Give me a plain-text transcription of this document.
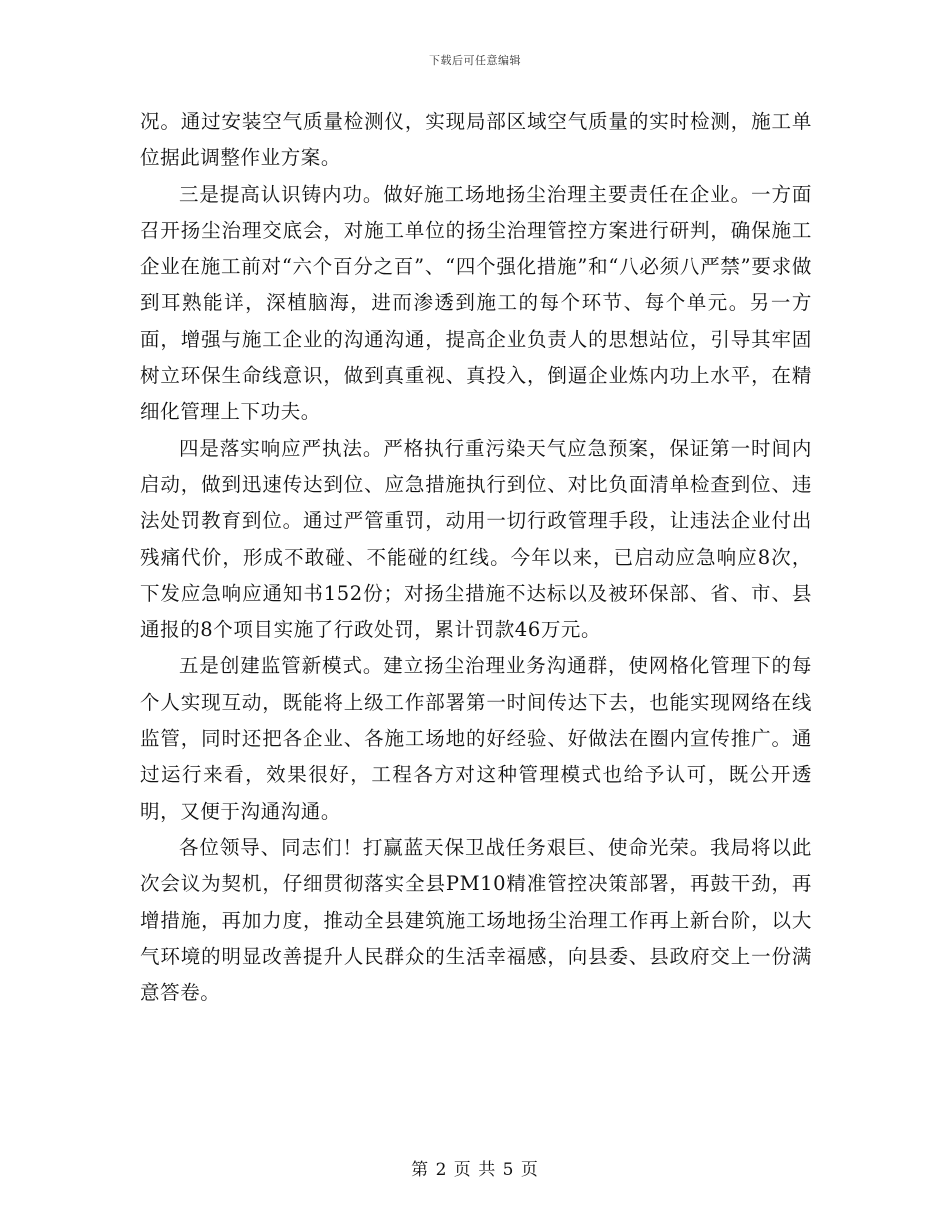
下载后可任意编辑

况。通过安装空气质量检测仪，实现局部区域空气质量的实时检测，施工单位据此调整作业方案。

三是提高认识铸内功。做好施工场地扬尘治理主要责任在企业。一方面召开扬尘治理交底会，对施工单位的扬尘治理管控方案进行研判，确保施工企业在施工前对“六个百分之百”、“四个强化措施”和“八必须八严禁”要求做到耳熟能详，深植脑海，进而渗透到施工的每个环节、每个单元。另一方面，增强与施工企业的沟通沟通，提高企业负责人的思想站位，引导其牢固树立环保生命线意识，做到真重视、真投入，倒逼企业炼内功上水平，在精细化管理上下功夫。

四是落实响应严执法。严格执行重污染天气应急预案，保证第一时间内启动，做到迅速传达到位、应急措施执行到位、对比负面清单检查到位、违法处罚教育到位。通过严管重罚，动用一切行政管理手段，让违法企业付出残痛代价，形成不敢碰、不能碰的红线。今年以来，已启动应急响应8次，下发应急响应通知书152份；对扬尘措施不达标以及被环保部、省、市、县通报的8个项目实施了行政处罚，累计罚款46万元。

五是创建监管新模式。建立扬尘治理业务沟通群，使网格化管理下的每个人实现互动，既能将上级工作部署第一时间传达下去，也能实现网络在线监管，同时还把各企业、各施工场地的好经验、好做法在圈内宣传推广。通过运行来看，效果很好，工程各方对这种管理模式也给予认可，既公开透明，又便于沟通沟通。

各位领导、同志们！打赢蓝天保卫战任务艰巨、使命光荣。我局将以此次会议为契机，仔细贯彻落实全县PM10精准管控决策部署，再鼓干劲，再增措施，再加力度，推动全县建筑施工场地扬尘治理工作再上新台阶，以大气环境的明显改善提升人民群众的生活幸福感，向县委、县政府交上一份满意答卷。

第 2 页 共 5 页
